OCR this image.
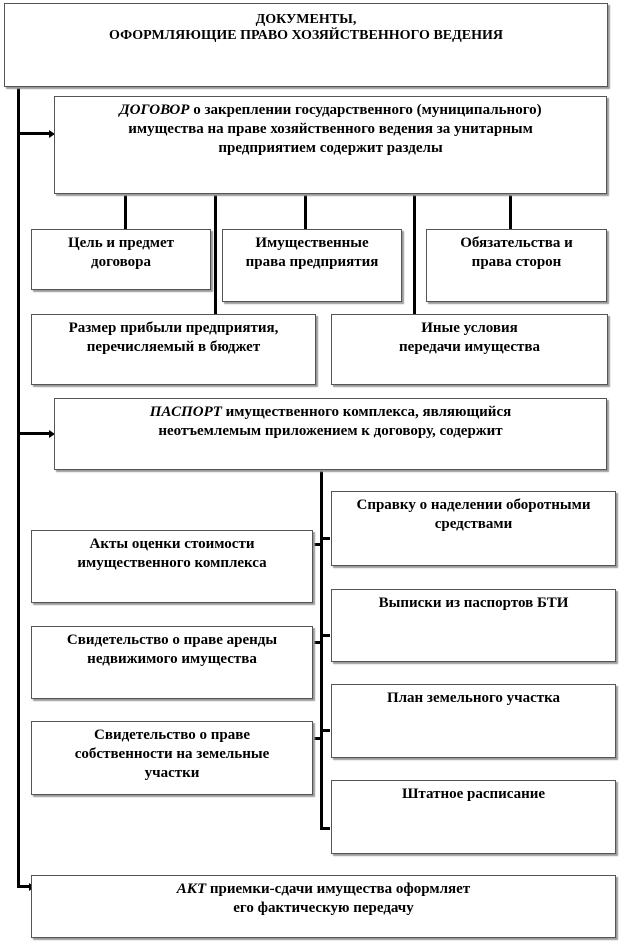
ДОКУМЕНТЫ,
ОФОРМЛЯЮЩИЕ ПРАВО ХОЗЯЙСТВЕННОГО ВЕДЕНИЯ
ДОГОВОР о закреплении государственного (муниципального)
имущества на праве хозяйственного ведения за унитарным
предприятием содержит разделы
Цель и предмет
договора
Имущественные
права предприятия
Обязательства и
права сторон
Размер прибыли предприятия,
перечисляемый в бюджет
Иные условия
передачи имущества
ПАСПОРТ имущественного комплекса, являющийся
неотъемлемым приложением к договору, содержит
Акты оценки стоимости
имущественного комплекса
Свидетельство о праве аренды
недвижимого имущества
Свидетельство о праве
собственности на земельные
участки
Справку о наделении оборотными
средствами
Выписки из паспортов БТИ
План земельного участка
Штатное расписание
АКТ приемки-сдачи имущества оформляет
его фактическую передачу
